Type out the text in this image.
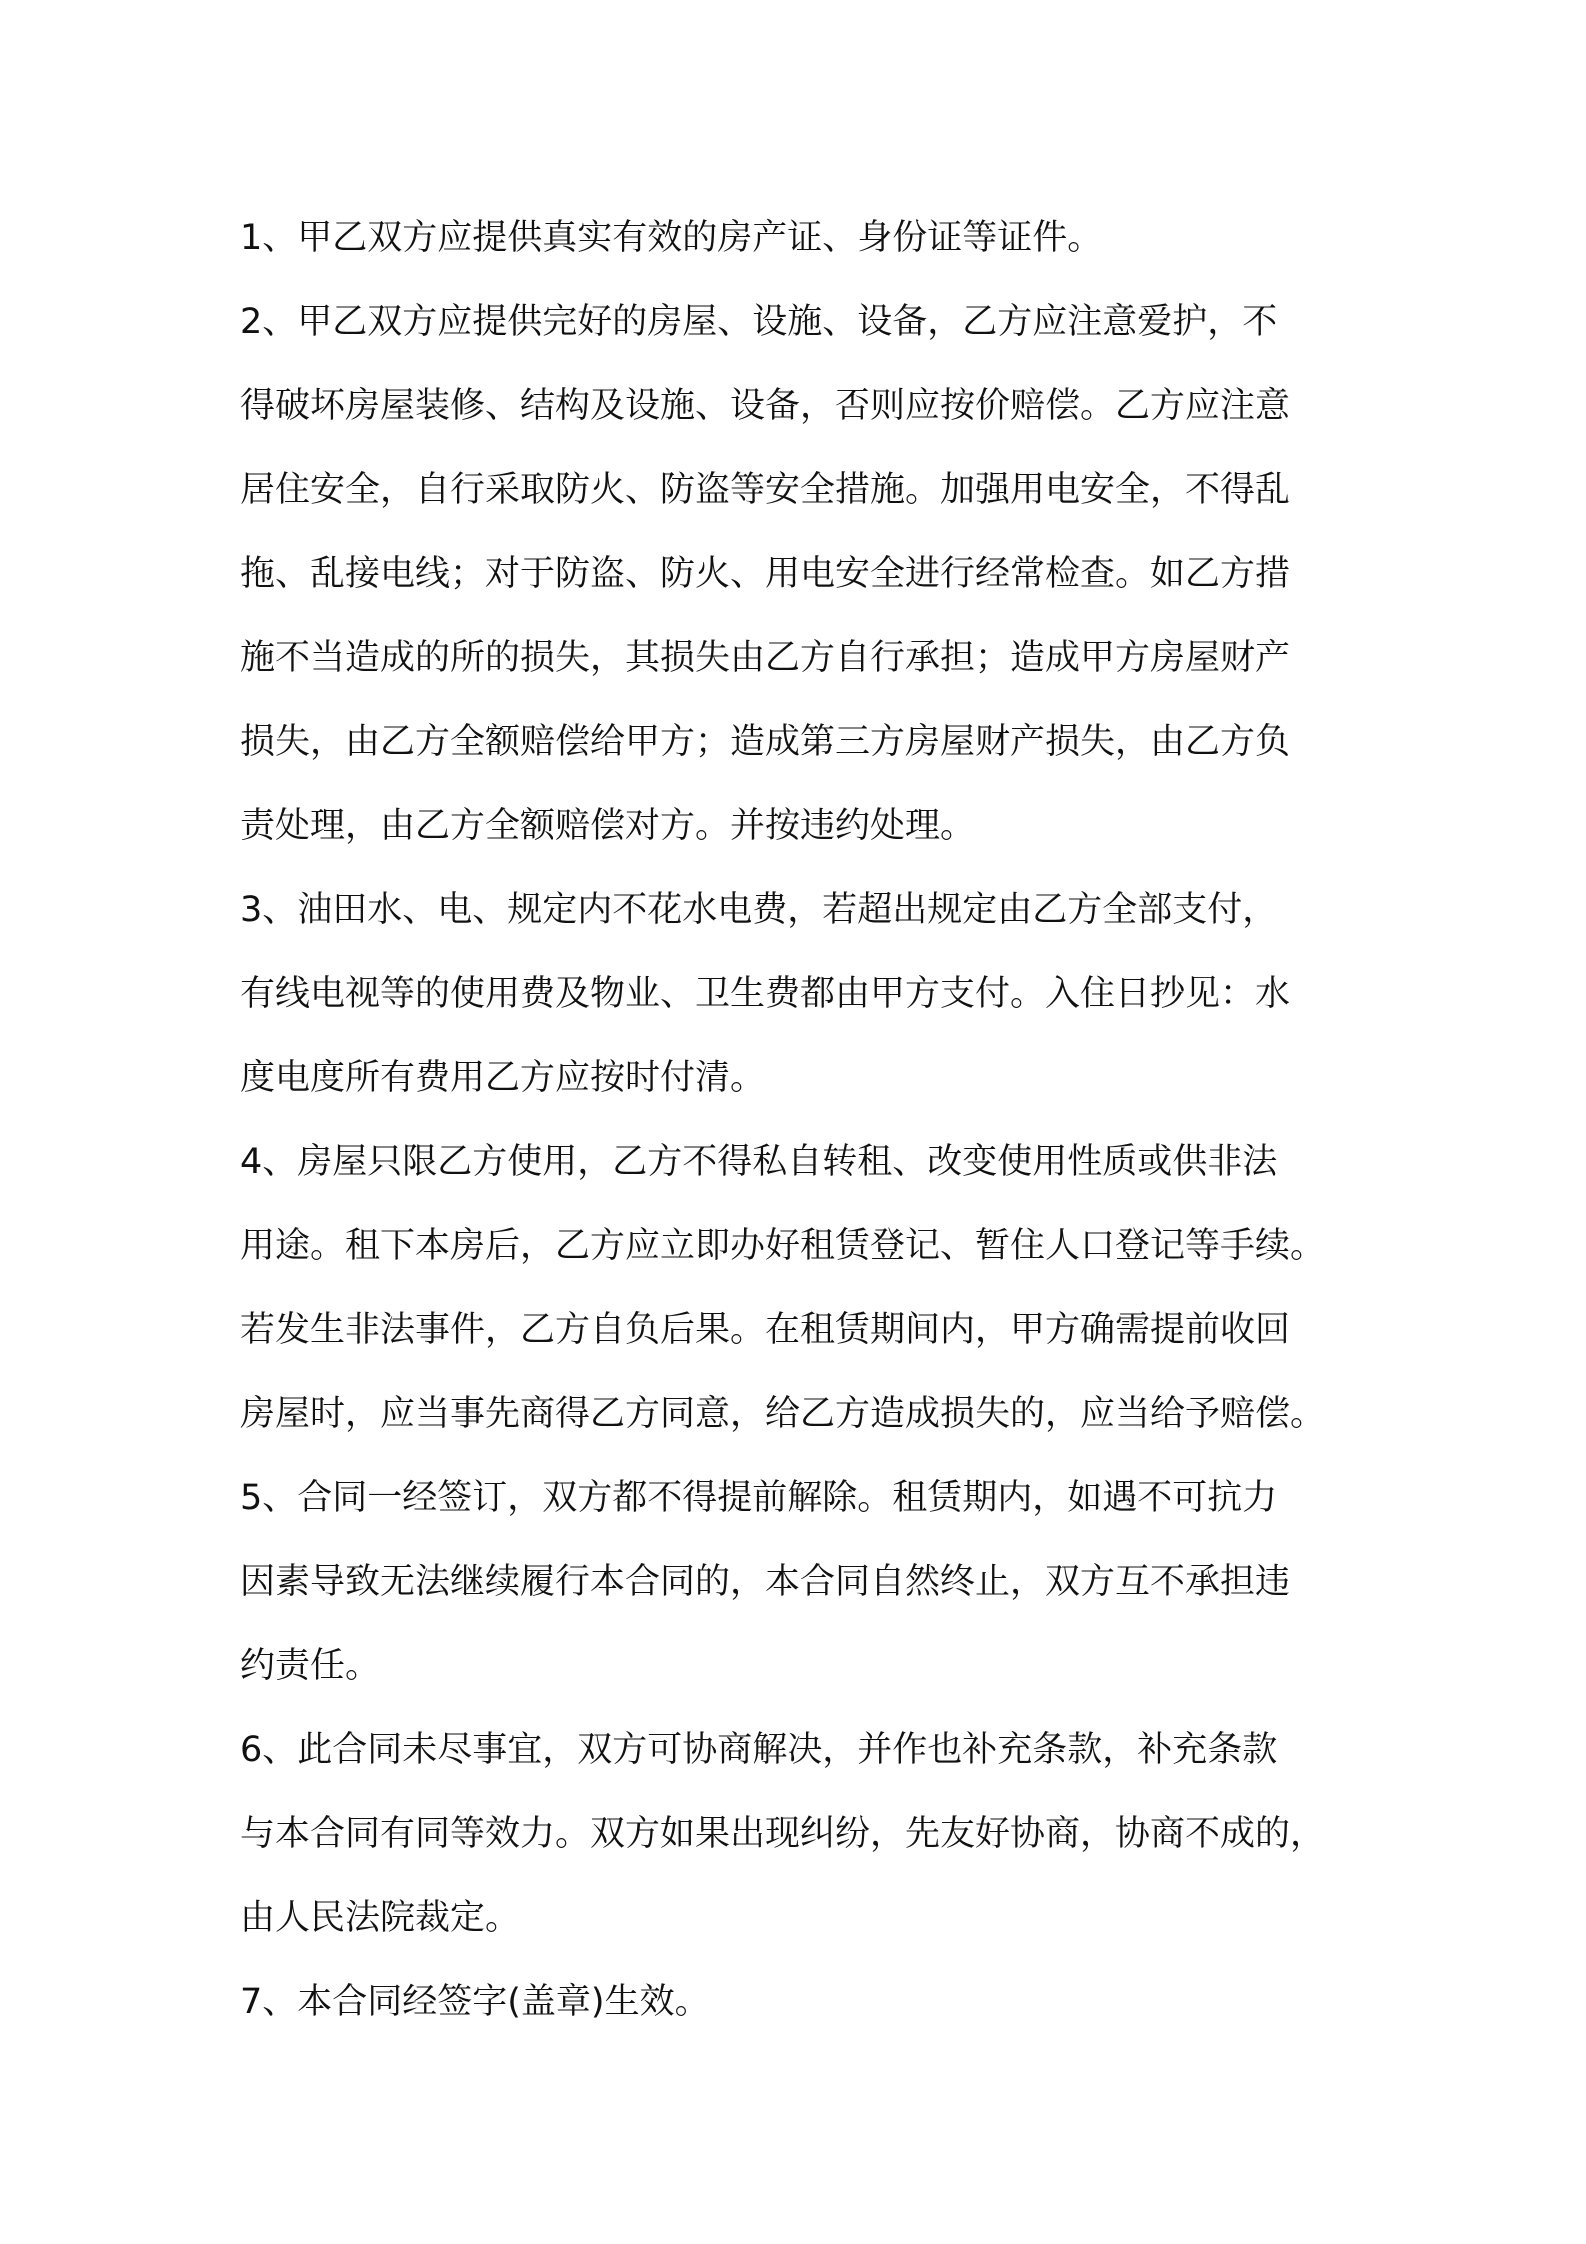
1、甲乙双方应提供真实有效的房产证、身份证等证件。
2、甲乙双方应提供完好的房屋、设施、设备，乙方应注意爱护，不
得破坏房屋装修、结构及设施、设备，否则应按价赔偿。乙方应注意
居住安全，自行采取防火、防盗等安全措施。加强用电安全，不得乱
拖、乱接电线；对于防盗、防火、用电安全进行经常检查。如乙方措
施不当造成的所的损失，其损失由乙方自行承担；造成甲方房屋财产
损失，由乙方全额赔偿给甲方；造成第三方房屋财产损失，由乙方负
责处理，由乙方全额赔偿对方。并按违约处理。
3、油田水、电、规定内不花水电费，若超出规定由乙方全部支付，
有线电视等的使用费及物业、卫生费都由甲方支付。入住日抄见：水
度电度所有费用乙方应按时付清。
4、房屋只限乙方使用，乙方不得私自转租、改变使用性质或供非法
用途。租下本房后，乙方应立即办好租赁登记、暂住人口登记等手续。
若发生非法事件，乙方自负后果。在租赁期间内，甲方确需提前收回
房屋时，应当事先商得乙方同意，给乙方造成损失的，应当给予赔偿。
5、合同一经签订，双方都不得提前解除。租赁期内，如遇不可抗力
因素导致无法继续履行本合同的，本合同自然终止，双方互不承担违
约责任。
6、此合同未尽事宜，双方可协商解决，并作也补充条款，补充条款
与本合同有同等效力。双方如果出现纠纷，先友好协商，协商不成的，
由人民法院裁定。
7、本合同经签字(盖章)生效。
